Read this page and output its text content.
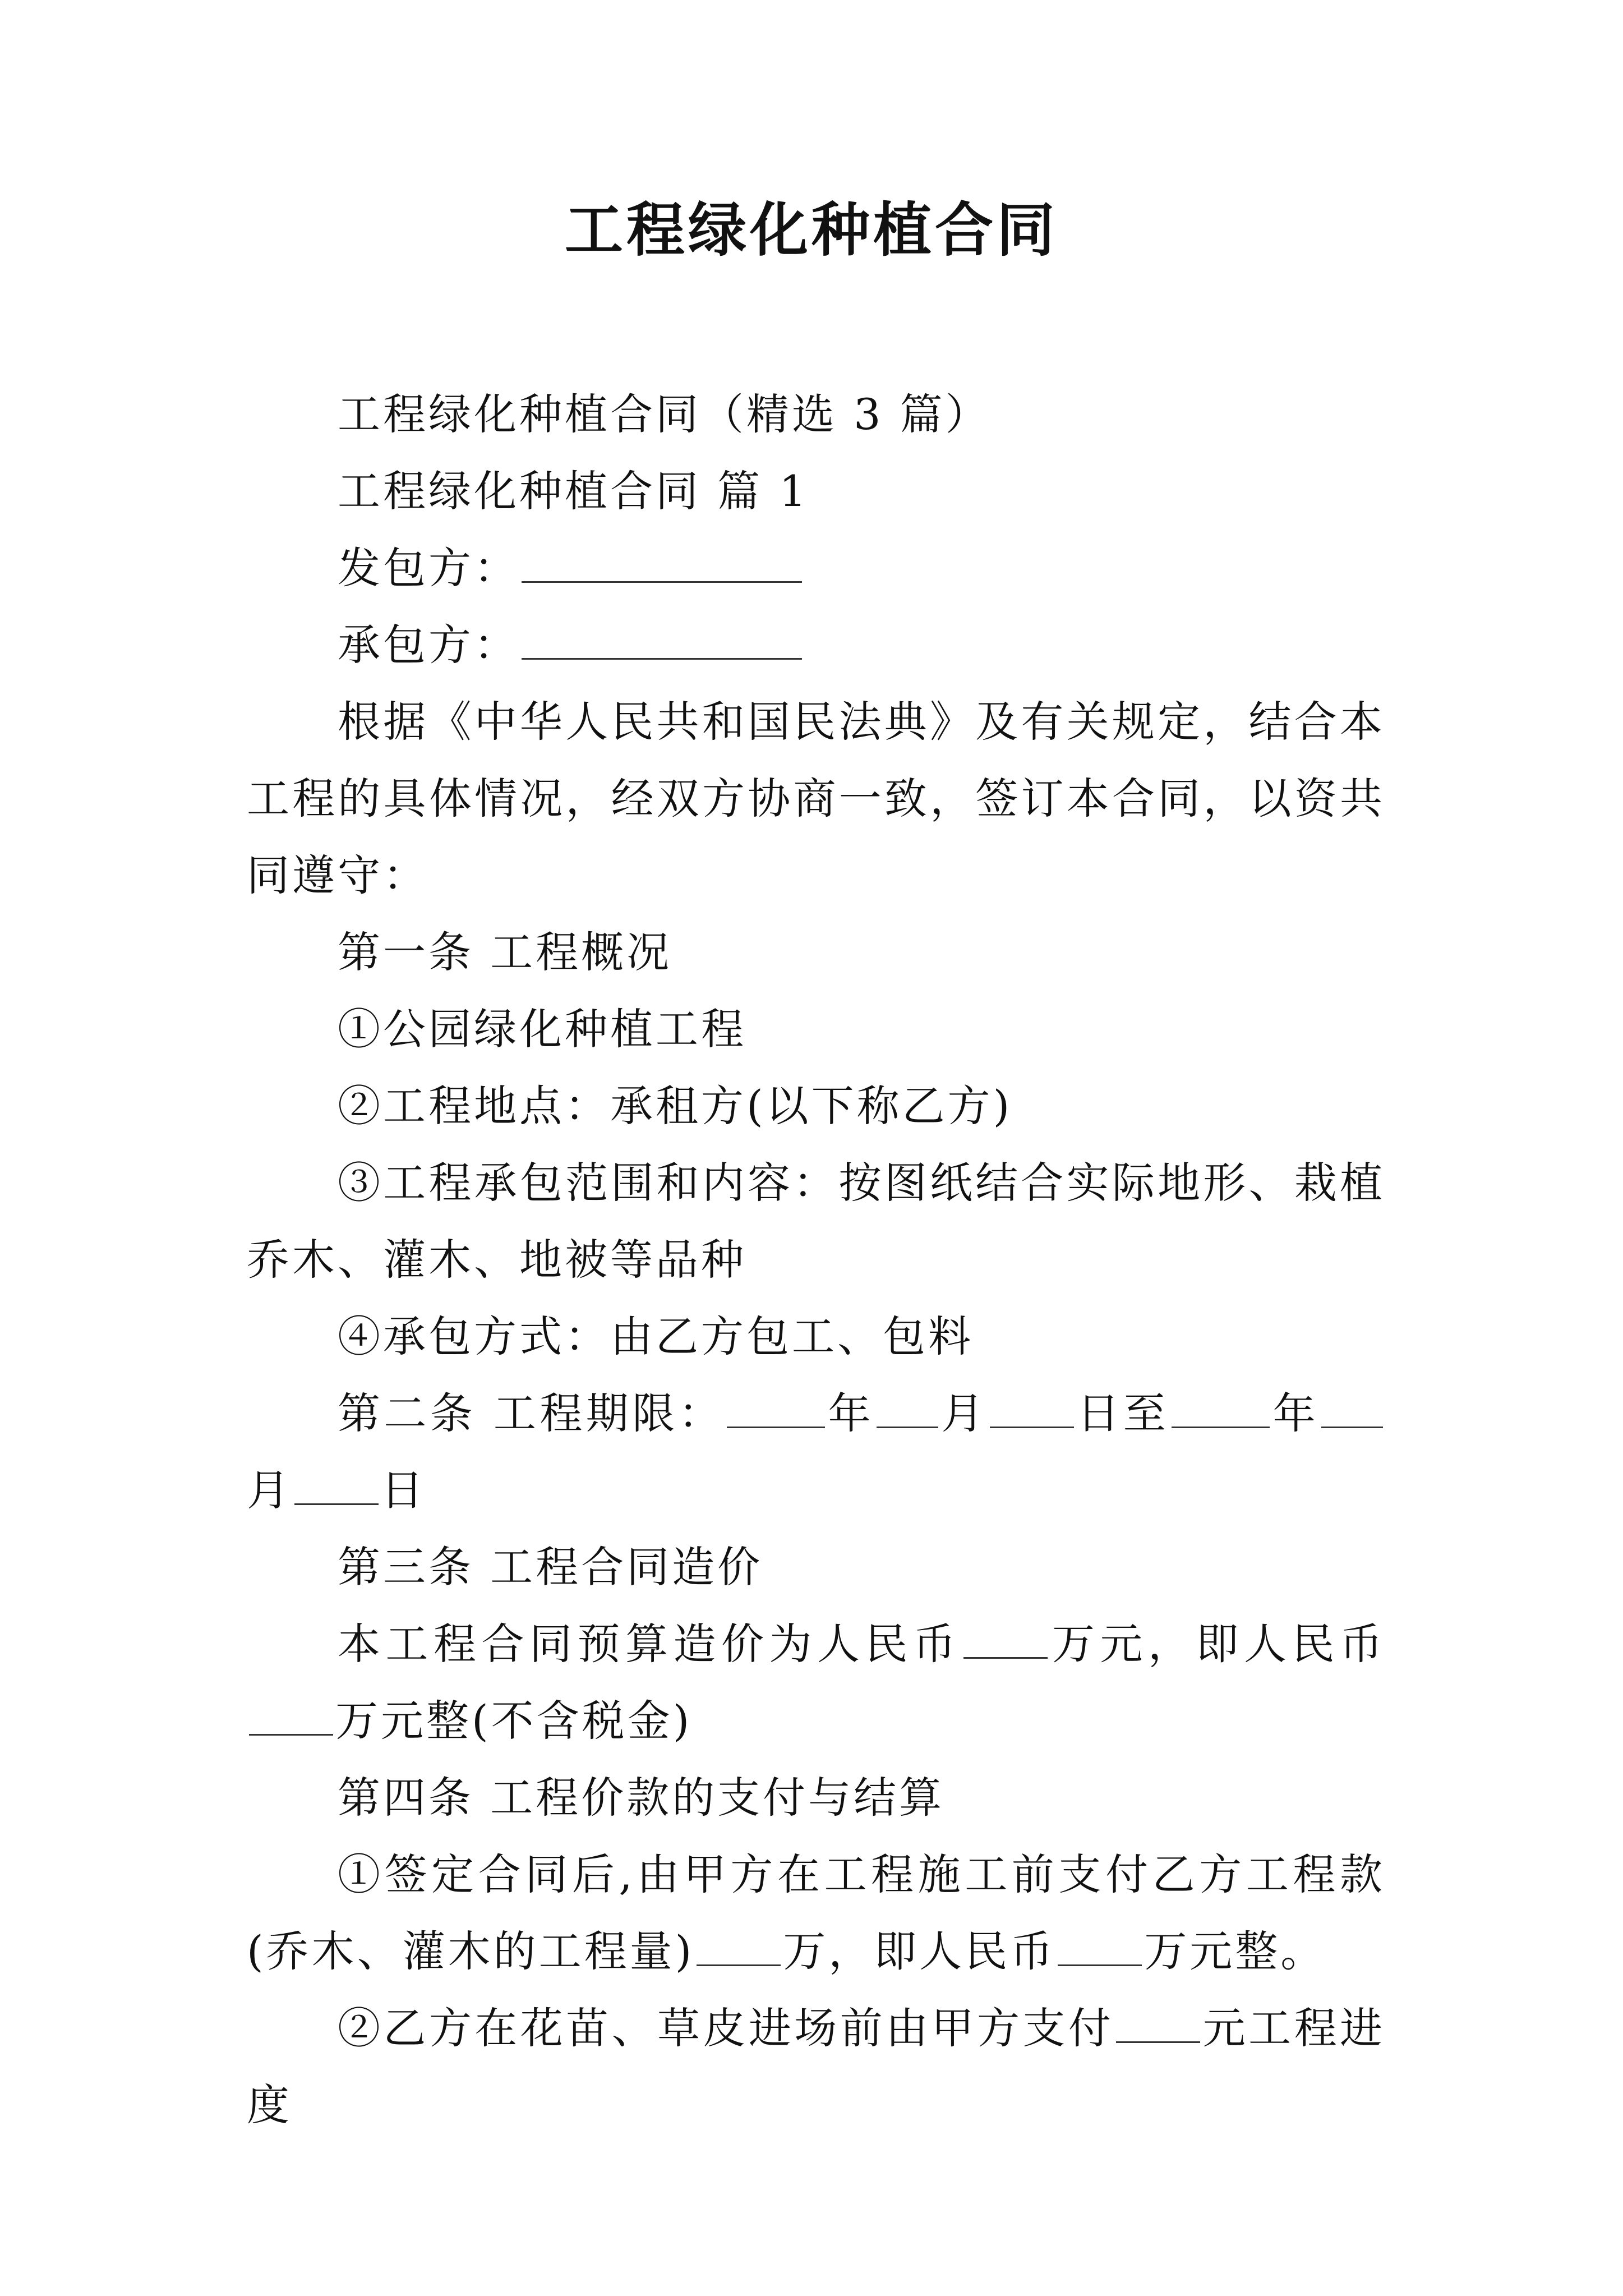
工程绿化种植合同

工程绿化种植合同（精选 3 篇）

工程绿化种植合同 篇 1

发包方：

承包方：

根据《中华人民共和国民法典》及有关规定，结合本工程的具体情况，经双方协商一致，签订本合同，以资共同遵守：

第一条 工程概况

①公园绿化种植工程

②工程地点：承租方(以下称乙方)

③工程承包范围和内容：按图纸结合实际地形、栽植乔木、灌木、地被等品种

④承包方式：由乙方包工、包料

第二条 工程期限： 年 月 日至 年月 日

第三条 工程合同造价

本工程合同预算造价为人民币 万元，即人民币万元整(不含税金)

第四条 工程价款的支付与结算

①签定合同后,由甲方在工程施工前支付乙方工程款(乔木、灌木的工程量) 万，即人民币 万元整。

②乙方在花苗、草皮进场前由甲方支付 元工程进度
